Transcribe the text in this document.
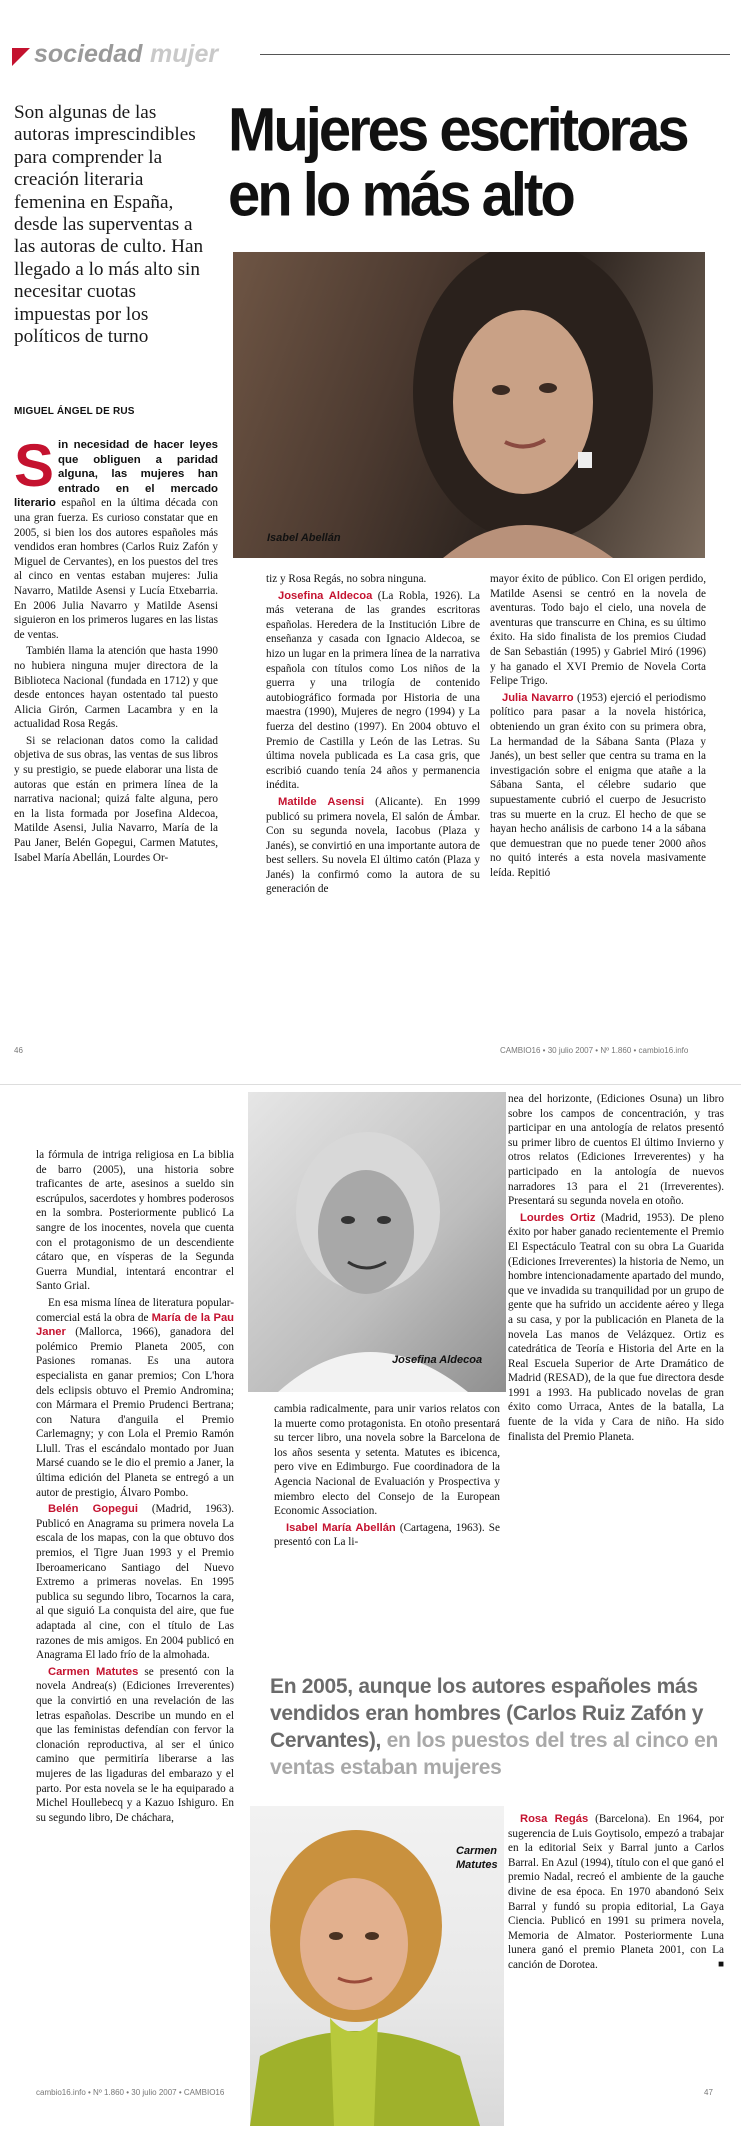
sociedad mujer
Son algunas de las autoras imprescindibles para comprender la creación literaria femenina en España, desde las superventas a las autoras de culto. Han llegado a lo más alto sin necesitar cuotas impuestas por los políticos de turno
MIGUEL ÁNGEL DE RUS
Mujeres escritoras
en lo más alto
Isabel Abellán

Sin necesidad de hacer leyes que obliguen a paridad alguna, las mujeres han entrado en el mercado literario español en la última década con una gran fuerza. Es curioso constatar que en 2005, si bien los dos autores españoles más vendidos eran hombres (Carlos Ruiz Zafón y Miguel de Cervantes), en los puestos del tres al cinco en ventas estaban mujeres: Julia Navarro, Matilde Asensi y Lucía Etxebarria. En 2006 Julia Navarro y Matilde Asensi siguieron en los primeros lugares en las listas de ventas.

También llama la atención que hasta 1990 no hubiera ninguna mujer directora de la Biblioteca Nacional (fundada en 1712) y que desde entonces hayan ostentado tal puesto Alicia Girón, Carmen Lacambra y en la actualidad Rosa Regás.

Si se relacionan datos como la calidad objetiva de sus obras, las ventas de sus libros y su prestigio, se puede elaborar una lista de autoras que están en primera línea de la narrativa nacional; quizá falte alguna, pero en la lista formada por Josefina Aldecoa, Matilde Asensi, Julia Navarro, María de la Pau Janer, Belén Gopegui, Carmen Matutes, Isabel María Abellán, Lourdes Or-

tiz y Rosa Regás, no sobra ninguna.

Josefina Aldecoa (La Robla, 1926). La más veterana de las grandes escritoras españolas. Heredera de la Institución Libre de enseñanza y casada con Ignacio Aldecoa, se hizo un lugar en la primera línea de la narrativa española con títulos como Los niños de la guerra y una trilogía de contenido autobiográfico formada por Historia de una maestra (1990), Mujeres de negro (1994) y La fuerza del destino (1997). En 2004 obtuvo el Premio de Castilla y León de las Letras. Su última novela publicada es La casa gris, que escribió cuando tenía 24 años y permanencia inédita.

Matilde Asensi (Alicante). En 1999 publicó su primera novela, El salón de Ámbar. Con su segunda novela, Iacobus (Plaza y Janés), se convirtió en una importante autora de best sellers. Su novela El último catón (Plaza y Janés) la confirmó como la autora de su generación de

mayor éxito de público. Con El origen perdido, Matilde Asensi se centró en la novela de aventuras. Todo bajo el cielo, una novela de aventuras que transcurre en China, es su último éxito. Ha sido finalista de los premios Ciudad de San Sebastián (1995) y Gabriel Miró (1996) y ha ganado el XVI Premio de Novela Corta Felipe Trigo.

Julia Navarro (1953) ejerció el periodismo político para pasar a la novela histórica, obteniendo un gran éxito con su primera obra, La hermandad de la Sábana Santa (Plaza y Janés), un best seller que centra su trama en la investigación sobre el enigma que atañe a la Sábana Santa, el célebre sudario que supuestamente cubrió el cuerpo de Jesucristo tras su muerte en la cruz. El hecho de que se hayan hecho análisis de carbono 14 a la sábana que demuestran que no puede tener 2000 años no quitó interés a esta novela masivamente leída. Repitió

46	CAMBIO16 • 30 julio 2007 • Nº 1.860 • cambio16.info
Josefina Aldecoa

la fórmula de intriga religiosa en La biblia de barro (2005), una historia sobre traficantes de arte, asesinos a sueldo sin escrúpulos, sacerdotes y hombres poderosos en la sombra. Posteriormente publicó La sangre de los inocentes, novela que cuenta con el protagonismo de un descendiente cátaro que, en vísperas de la Segunda Guerra Mundial, intentará encontrar el Santo Grial.

En esa misma línea de literatura popular-comercial está la obra de María de la Pau Janer (Mallorca, 1966), ganadora del polémico Premio Planeta 2005, con Pasiones romanas. Es una autora especialista en ganar premios; Con L'hora dels eclipsis obtuvo el Premio Andromina; con Mármara el Premio Prudenci Bertrana; con Natura d'anguila el Premio Carlemagny; y con Lola el Premio Ramón Llull. Tras el escándalo montado por Juan Marsé cuando se le dio el premio a Janer, la última edición del Planeta se entregó a un autor de prestigio, Álvaro Pombo.

Belén Gopegui (Madrid, 1963). Publicó en Anagrama su primera novela La escala de los mapas, con la que obtuvo dos premios, el Tigre Juan 1993 y el Premio Iberoamericano Santiago del Nuevo Extremo a primeras novelas. En 1995 publica su segundo libro, Tocarnos la cara, al que siguió La conquista del aire, que fue adaptada al cine, con el título de Las razones de mis amigos. En 2004 publicó en Anagrama El lado frío de la almohada.

Carmen Matutes se presentó con la novela Andrea(s) (Ediciones Irreverentes) que la convirtió en una revelación de las letras españolas. Describe un mundo en el que las feministas defendían con fervor la clonación reproductiva, al ser el único camino que permitiría liberarse a las mujeres de las ligaduras del embarazo y el parto. Por esta novela se le ha equiparado a Michel Houllebecq y a Kazuo Ishiguro. En su segundo libro, De cháchara,

cambia radicalmente, para unir varios relatos con la muerte como protagonista. En otoño presentará su tercer libro, una novela sobre la Barcelona de los años sesenta y setenta. Matutes es ibicenca, pero vive en Edimburgo. Fue coordinadora de la Agencia Nacional de Evaluación y Prospectiva y miembro electo del Consejo de la European Economic Association.

Isabel María Abellán (Cartagena, 1963). Se presentó con La li-

nea del horizonte, (Ediciones Osuna) un libro sobre los campos de concentración, y tras participar en una antología de relatos presentó su primer libro de cuentos El último Invierno y otros relatos (Ediciones Irreverentes) y ha participado en la antología de nuevos narradores 13 para el 21 (Irreverentes). Presentará su segunda novela en otoño.

Lourdes Ortiz (Madrid, 1953). De pleno éxito por haber ganado recientemente el Premio El Espectáculo Teatral con su obra La Guarida (Ediciones Irreverentes) la historia de Nemo, un hombre intencionadamente apartado del mundo, que ve invadida su tranquilidad por un grupo de gente que ha sufrido un accidente aéreo y llega a su casa, y por la publicación en Planeta de la novela Las manos de Velázquez. Ortiz es catedrática de Teoría e Historia del Arte en la Real Escuela Superior de Arte Dramático de Madrid (RESAD), de la que fue directora desde 1991 a 1993. Ha publicado novelas de gran éxito como Urraca, Antes de la batalla, La fuente de la vida y Cara de niño. Ha sido finalista del Premio Planeta.

En 2005, aunque los autores españoles más vendidos eran hombres (Carlos Ruiz Zafón y Cervantes), en los puestos del tres al cinco en ventas estaban mujeres
Carmen
Matutes

Rosa Regás (Barcelona). En 1964, por sugerencia de Luis Goytisolo, empezó a trabajar en la editorial Seix y Barral junto a Carlos Barral. En Azul (1994), título con el que ganó el premio Nadal, recreó el ambiente de la gauche divine de esa época. En 1970 abandonó Seix Barral y fundó su propia editorial, La Gaya Ciencia. Publicó en 1991 su primera novela, Memoria de Almator. Posteriormente Luna lunera ganó el premio Planeta 2001, con La canción de Dorotea.	■

cambio16.info • Nº 1.860 • 30 julio 2007 • CAMBIO16	47
